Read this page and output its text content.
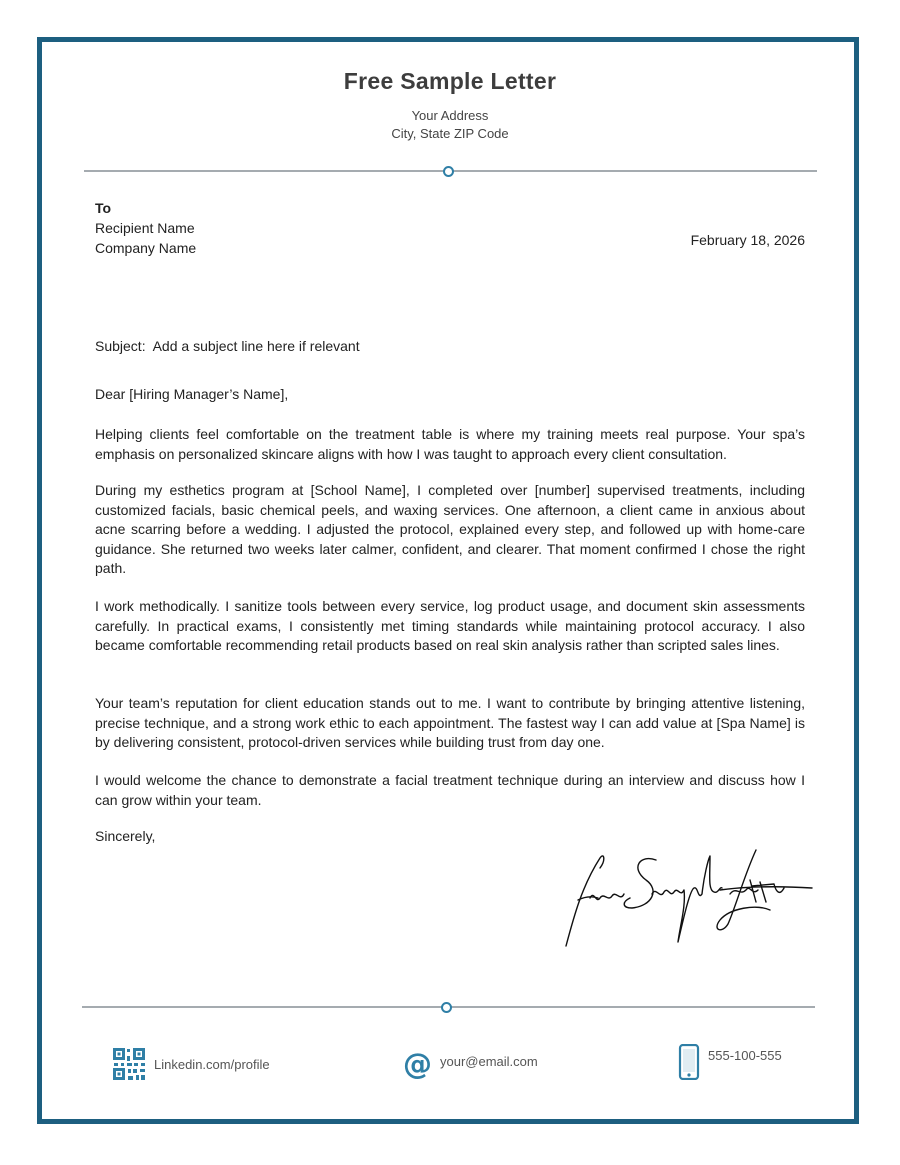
Free Sample Letter
Your Address
City, State ZIP Code
To
Recipient Name
Company Name	February 18, 2026
Subject:  Add a subject line here if relevant
Dear [Hiring Manager’s Name],

Helping clients feel comfortable on the treatment table is where my training meets real purpose. Your spa’s emphasis on personalized skincare aligns with how I was taught to approach every client consultation.

During my esthetics program at [School Name], I completed over [number] supervised treatments, including customized facials, basic chemical peels, and waxing services. One afternoon, a client came in anxious about acne scarring before a wedding. I adjusted the protocol, explained every step, and followed up with home-care guidance. She returned two weeks later calmer, confident, and clearer. That moment confirmed I chose the right path.

I work methodically. I sanitize tools between every service, log product usage, and document skin assessments carefully. In practical exams, I consistently met timing standards while maintaining protocol accuracy. I also became comfortable recommending retail products based on real skin analysis rather than scripted sales lines.

Your team’s reputation for client education stands out to me. I want to contribute by bringing attentive listening, precise technique, and a strong work ethic to each appointment. The fastest way I can add value at [Spa Name] is by delivering consistent, protocol-driven services while building trust from day one.

I would welcome the chance to demonstrate a facial treatment technique during an interview and discuss how I can grow within your team.

Sincerely,
Linkedin.com/profile	@ your@email.com	555-100-555
